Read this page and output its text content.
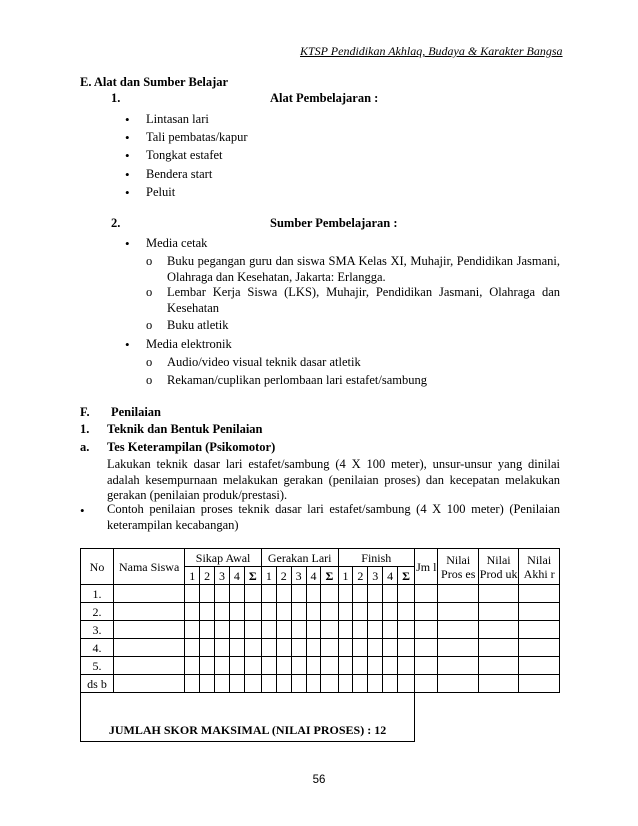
KTSP Pendidikan Akhlaq, Budaya & Karakter Bangsa
E. Alat dan Sumber Belajar
1.	Alat Pembelajaran :
• Lintasan lari
• Tali pembatas/kapur
• Tongkat estafet
• Bendera start
• Peluit
2.	Sumber Pembelajaran :
• Media cetak
o Buku pegangan guru dan siswa SMA Kelas XI, Muhajir, Pendidikan Jasmani, Olahraga dan Kesehatan, Jakarta: Erlangga.
o Lembar Kerja Siswa (LKS), Muhajir, Pendidikan Jasmani, Olahraga dan Kesehatan
o Buku atletik
• Media elektronik
o Audio/video visual teknik dasar atletik
o Rekaman/cuplikan perlombaan lari estafet/sambung
F. Penilaian
1. Teknik dan Bentuk Penilaian
a. Tes Keterampilan (Psikomotor)
Lakukan teknik dasar lari estafet/sambung (4 X 100 meter), unsur-unsur yang dinilai adalah kesempurnaan melakukan gerakan (penilaian proses) dan kecepatan melakukan gerakan (penilaian produk/prestasi).
• Contoh penilaian proses teknik dasar lari estafet/sambung (4 X 100 meter) (Penilaian keterampilan kecabangan)
No	Nama Siswa	Sikap Awal					Gerakan Lari					Finish					Jm l	Nilai Pros es	Nilai Prod uk	Nilai Akhi r
		1	2	3	4	Σ	1	2	3	4	Σ	1	2	3	4	Σ				
1.																				
2.																				
3.																				
4.																				
5.																				
ds b																				
JUMLAH SKOR MAKSIMAL (NILAI PROSES) : 12																				
56
